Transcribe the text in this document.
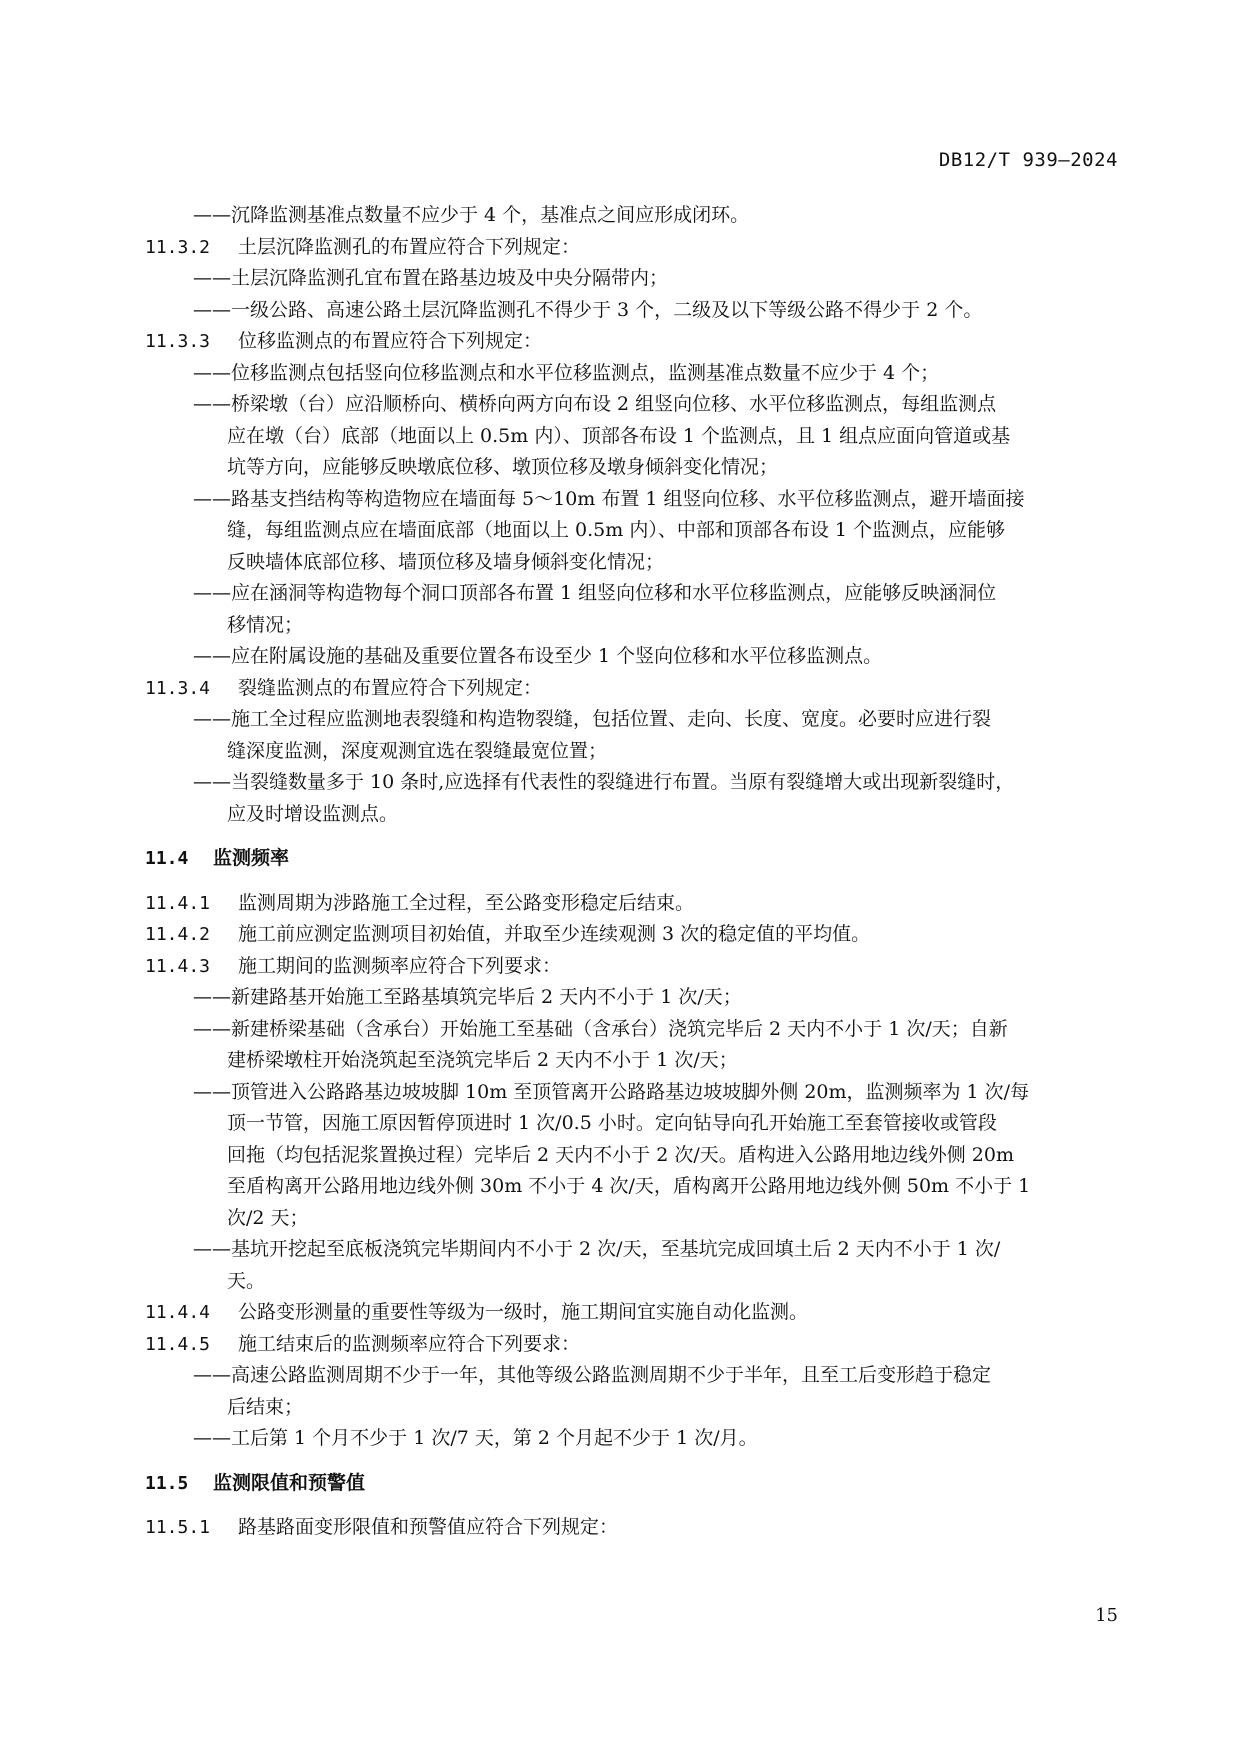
DB12/T 939—2024
——沉降监测基准点数量不应少于 4 个，基准点之间应形成闭环。
11.3.2 土层沉降监测孔的布置应符合下列规定：
——土层沉降监测孔宜布置在路基边坡及中央分隔带内；
——一级公路、高速公路土层沉降监测孔不得少于 3 个，二级及以下等级公路不得少于 2 个。
11.3.3 位移监测点的布置应符合下列规定：
——位移监测点包括竖向位移监测点和水平位移监测点，监测基准点数量不应少于 4 个；
——桥梁墩（台）应沿顺桥向、横桥向两方向布设 2 组竖向位移、水平位移监测点，每组监测点
应在墩（台）底部（地面以上 0.5m 内）、顶部各布设 1 个监测点，且 1 组点应面向管道或基
坑等方向，应能够反映墩底位移、墩顶位移及墩身倾斜变化情况；
——路基支挡结构等构造物应在墙面每 5～10m 布置 1 组竖向位移、水平位移监测点，避开墙面接
缝，每组监测点应在墙面底部（地面以上 0.5m 内）、中部和顶部各布设 1 个监测点，应能够
反映墙体底部位移、墙顶位移及墙身倾斜变化情况；
——应在涵洞等构造物每个洞口顶部各布置 1 组竖向位移和水平位移监测点，应能够反映涵洞位
移情况；
——应在附属设施的基础及重要位置各布设至少 1 个竖向位移和水平位移监测点。
11.3.4 裂缝监测点的布置应符合下列规定：
——施工全过程应监测地表裂缝和构造物裂缝，包括位置、走向、长度、宽度。必要时应进行裂
缝深度监测，深度观测宜选在裂缝最宽位置；
——当裂缝数量多于 10 条时,应选择有代表性的裂缝进行布置。当原有裂缝增大或出现新裂缝时，
应及时增设监测点。
11.4 监测频率
11.4.1 监测周期为涉路施工全过程，至公路变形稳定后结束。
11.4.2 施工前应测定监测项目初始值，并取至少连续观测 3 次的稳定值的平均值。
11.4.3 施工期间的监测频率应符合下列要求：
——新建路基开始施工至路基填筑完毕后 2 天内不小于 1 次/天；
——新建桥梁基础（含承台）开始施工至基础（含承台）浇筑完毕后 2 天内不小于 1 次/天；自新
建桥梁墩柱开始浇筑起至浇筑完毕后 2 天内不小于 1 次/天；
——顶管进入公路路基边坡坡脚 10m 至顶管离开公路路基边坡坡脚外侧 20m，监测频率为 1 次/每
顶一节管，因施工原因暂停顶进时 1 次/0.5 小时。定向钻导向孔开始施工至套管接收或管段
回拖（均包括泥浆置换过程）完毕后 2 天内不小于 2 次/天。盾构进入公路用地边线外侧 20m
至盾构离开公路用地边线外侧 30m 不小于 4 次/天，盾构离开公路用地边线外侧 50m 不小于 1
次/2 天；
——基坑开挖起至底板浇筑完毕期间内不小于 2 次/天，至基坑完成回填土后 2 天内不小于 1 次/
天。
11.4.4 公路变形测量的重要性等级为一级时，施工期间宜实施自动化监测。
11.4.5 施工结束后的监测频率应符合下列要求：
——高速公路监测周期不少于一年，其他等级公路监测周期不少于半年，且至工后变形趋于稳定
后结束；
——工后第 1 个月不少于 1 次/7 天，第 2 个月起不少于 1 次/月。
11.5 监测限值和预警值
11.5.1 路基路面变形限值和预警值应符合下列规定：
15
